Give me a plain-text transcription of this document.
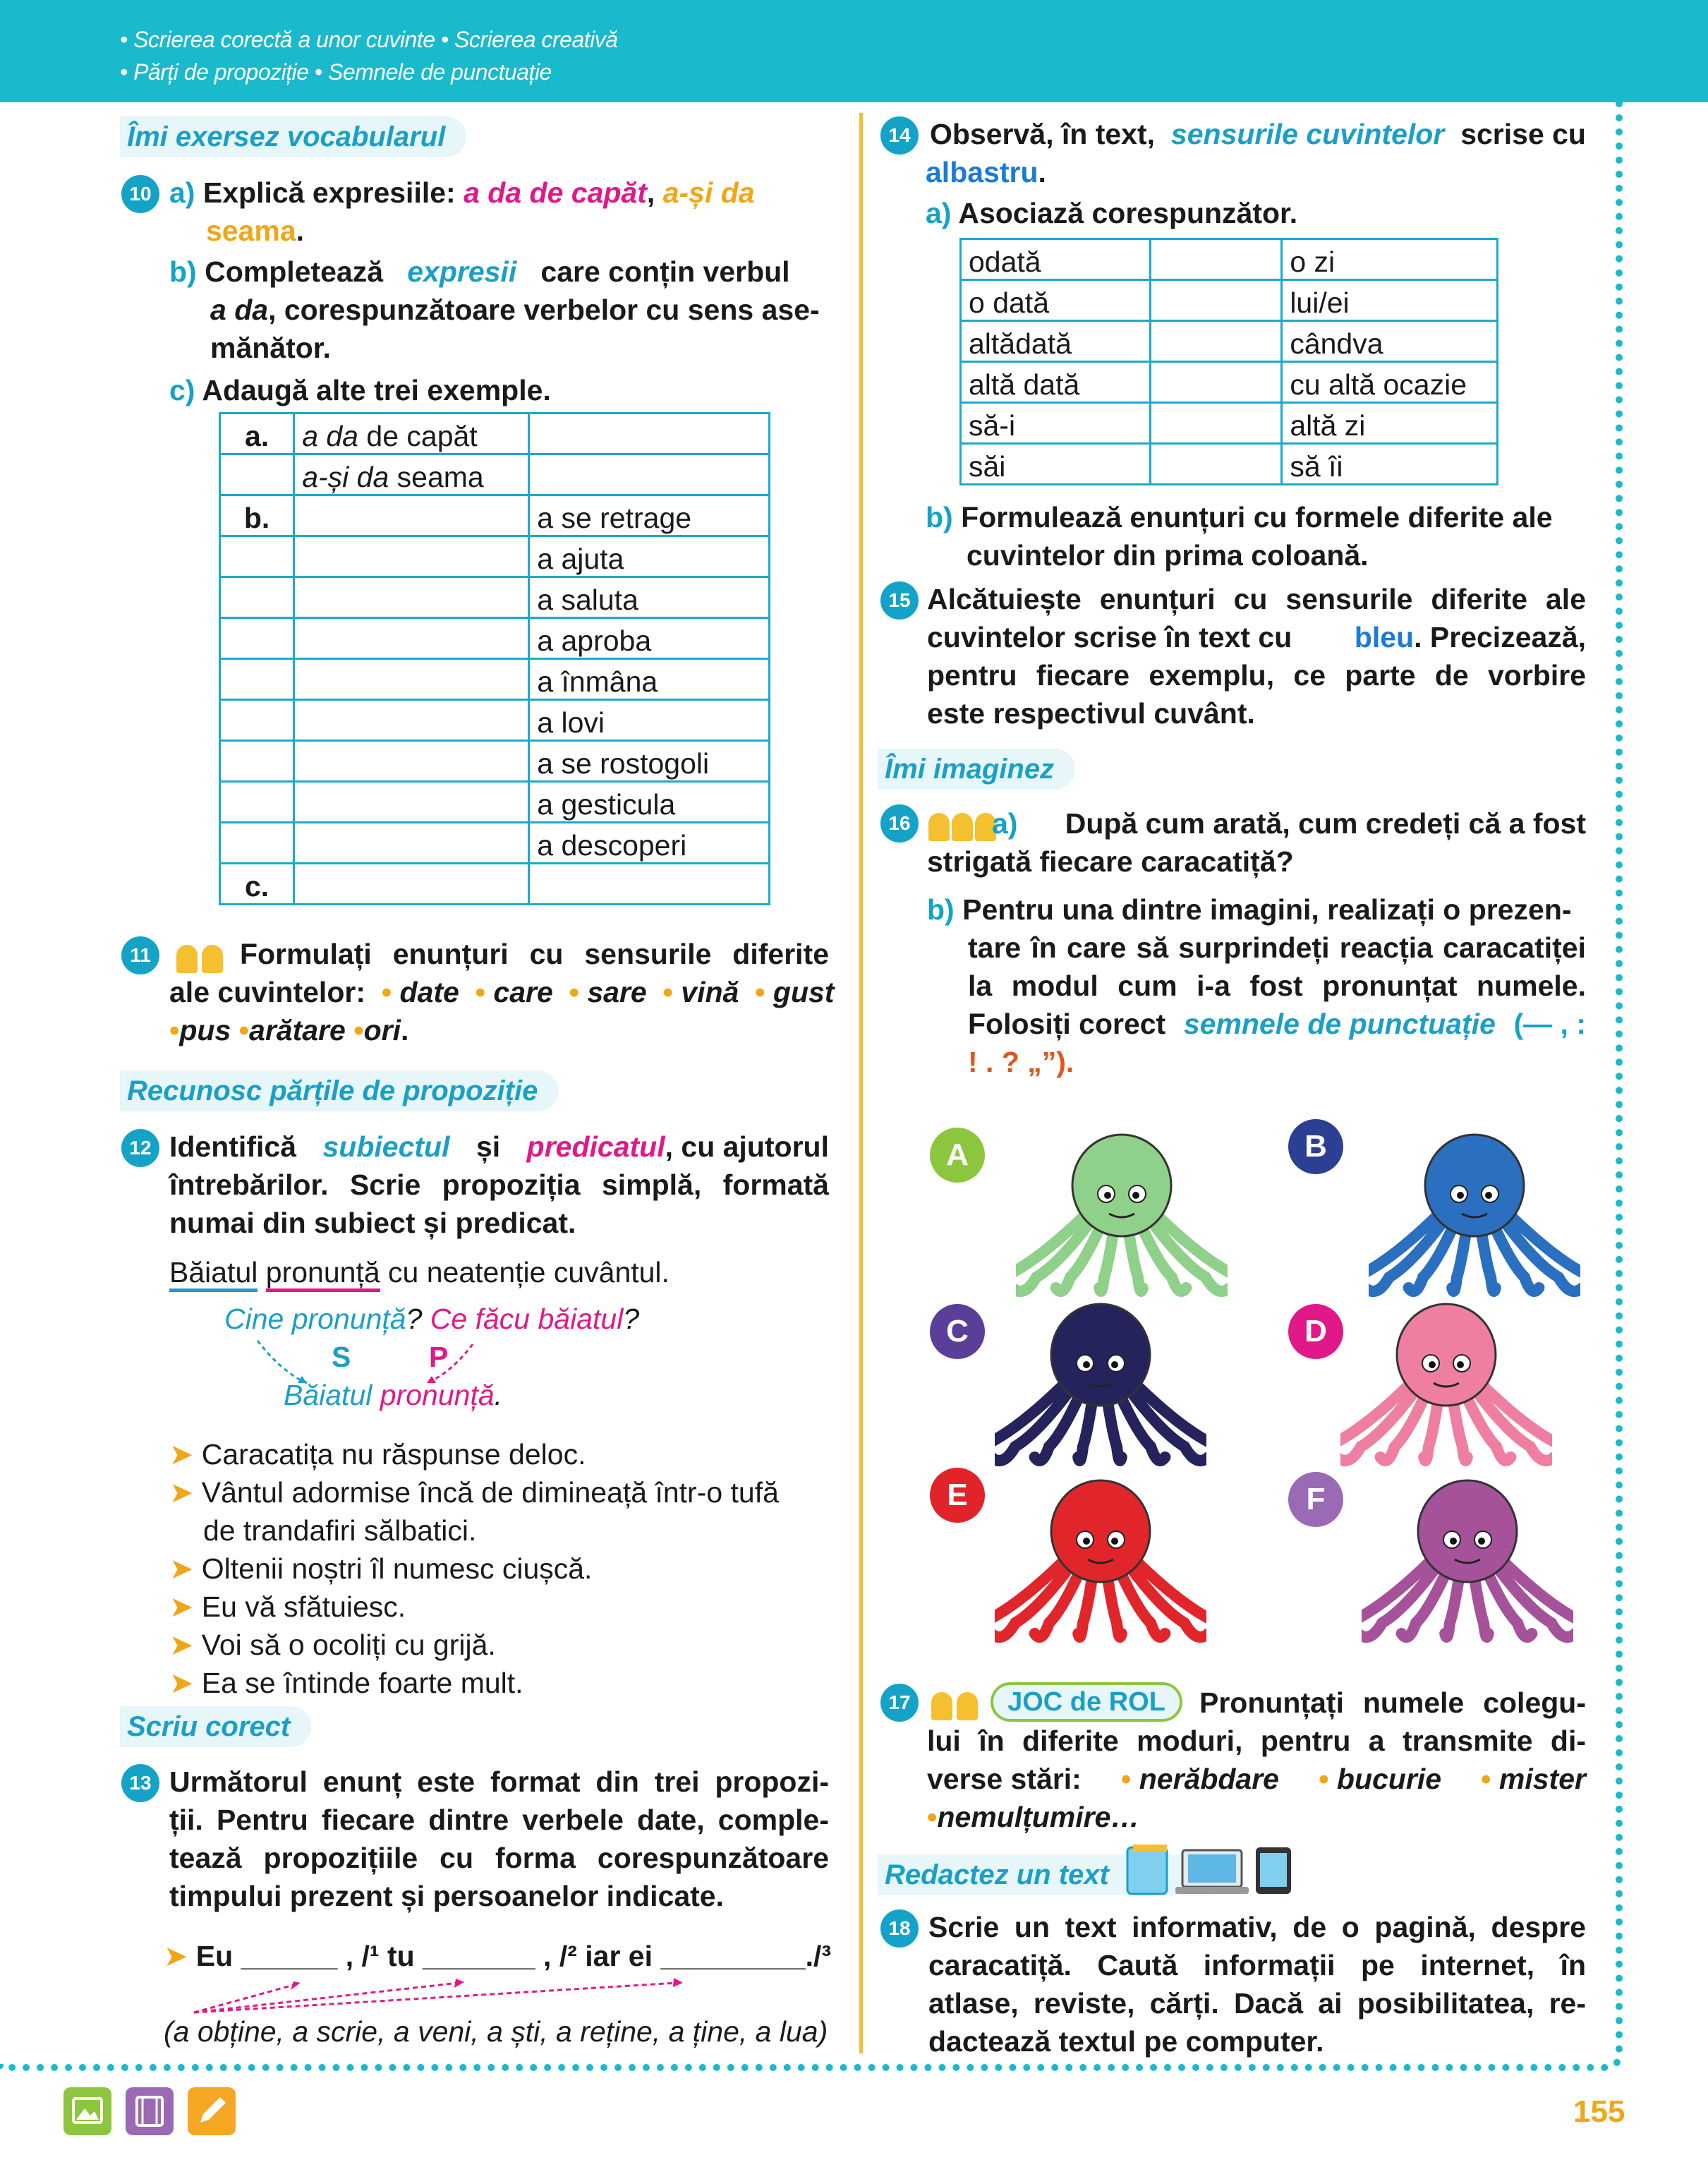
• Scrierea corectă a unor cuvinte • Scrierea creativă
• Părți de propoziție • Semnele de punctuație
Îmi exersez vocabularul
10 a) Explică expresiile: a da de capăt, a-și da
seama.
b) Completează expresii care conțin verbul
a da, corespunzătoare verbelor cu sens ase-
mănător.
c) Adaugă alte trei exemple.
a.	a da de capăt	
	a-și da seama	
b.		a se retrage
		a ajuta
		a saluta
		a aproba
		a înmâna
		a lovi
		a se rostogoli
		a gesticula
		a descoperi
c.		
11	Formulați enunțuri cu sensurile diferite
ale cuvintelor:  • date  • care  • sare  • vină  • gust
•pus •arătare •ori.
Recunosc părțile de propoziție
12 Identifică subiectul și predicatul, cu ajutorul
întrebărilor. Scrie propoziția simplă, formată
numai din subiect și predicat.
Băiatul pronunță cu neatenție cuvântul.
Cine pronunță? Ce făcu băiatul?
S	P
Băiatul pronunță.
➤ Caracatița nu răspunse deloc.
➤ Vântul adormise încă de dimineață într-o tufă
de trandafiri sălbatici.
➤ Oltenii noștri îl numesc ciușcă.
➤ Eu vă sfătuiesc.
➤ Voi să o ocoliți cu grijă.
➤ Ea se întinde foarte mult.
Scriu corect
13 Următorul enunț este format din trei propozi-
ții. Pentru fiecare dintre verbele date, comple-
tează propozițiile cu forma corespunzătoare
timpului prezent și persoanelor indicate.
➤ Eu ______ , /¹ tu _______ , /² iar ei _________./³
(a obține, a scrie, a veni, a ști, a reține, a ține, a lua)
14 Observă, în text, sensurile cuvintelor scrise cu
albastru.
a) Asociază corespunzător.
odată		o zi
o dată		lui/ei
altădată		cândva
altă dată		cu altă ocazie
să-i		altă zi
săi		să îi
b) Formulează enunțuri cu formele diferite ale
cuvintelor din prima coloană.
15 Alcătuiește enunțuri cu sensurile diferite ale
cuvintelor scrise în text cu bleu. Precizează,
pentru fiecare exemplu, ce parte de vorbire
este respectivul cuvânt.
Îmi imaginez
16	a) După cum arată, cum credeți că a fost
strigată fiecare caracatiță?
b) Pentru una dintre imagini, realizați o prezen-
tare în care să surprindeți reacția caracatiței
la modul cum i-a fost pronunțat numele.
Folosiți corect semnele de punctuație (— , :
! . ? „”).
A	B
C	D
E	F
17	JOC de ROL	Pronunțați numele colegu-
lui în diferite moduri, pentru a transmite di-
verse stări: • nerăbdare • bucurie • mister
•nemulțumire…
Redactez un text
18 Scrie un text informativ, de o pagină, despre
caracatiță. Caută informații pe internet, în
atlase, reviste, cărți. Dacă ai posibilitatea, re-
dactează textul pe computer.
155
